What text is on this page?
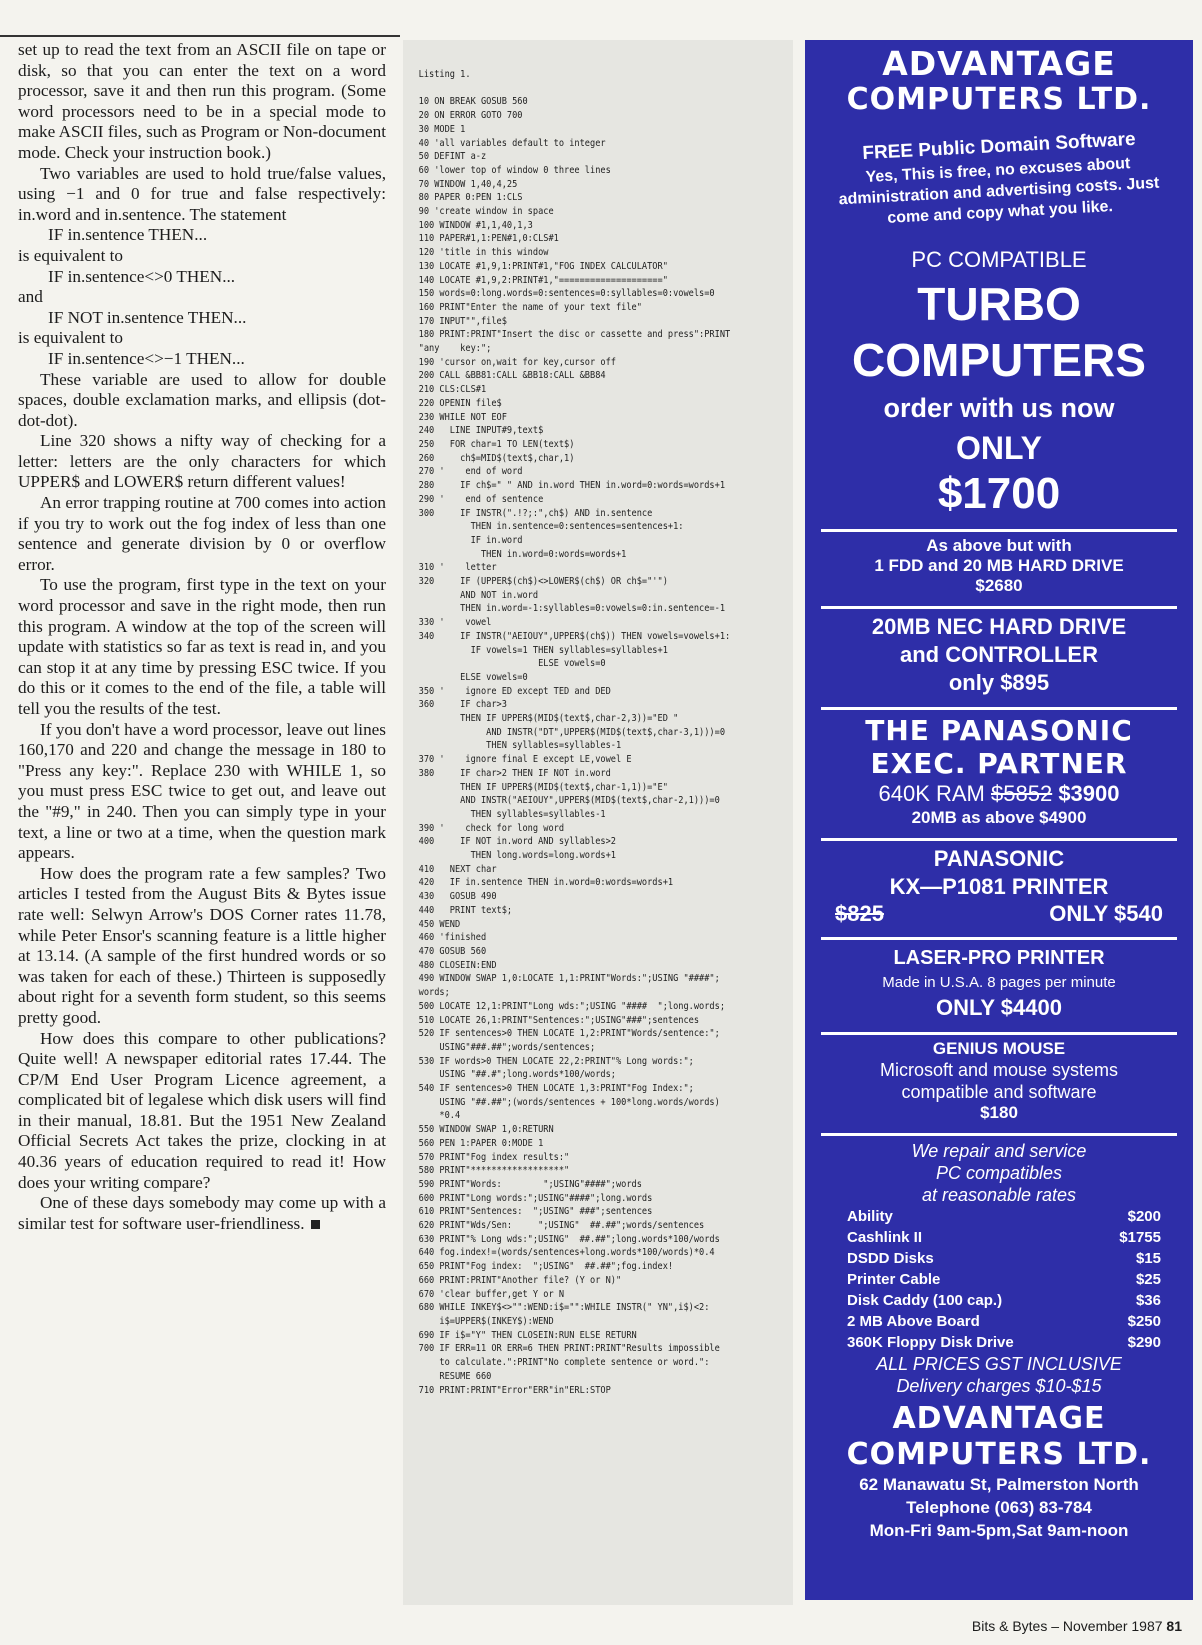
set up to read the text from an ASCII file on tape or disk, so that you can enter the text on a word processor, save it and then run this program. (Some word processors need to be in a special mode to make ASCII files, such as Program or Non-document mode. Check your instruction book.)

Two variables are used to hold true/false values, using −1 and 0 for true and false respectively: in.word and in.sentence. The statement

IF in.sentence THEN...

is equivalent to

IF in.sentence<>0 THEN...

and

IF NOT in.sentence THEN...

is equivalent to

IF in.sentence<>−1 THEN...

These variable are used to allow for double spaces, double exclamation marks, and ellipsis (dot-dot-dot).

Line 320 shows a nifty way of checking for a letter: letters are the only characters for which UPPER$ and LOWER$ return different values!

An error trapping routine at 700 comes into action if you try to work out the fog index of less than one sentence and generate division by 0 or overflow error.

To use the program, first type in the text on your word processor and save in the right mode, then run this program. A window at the top of the screen will update with statistics so far as text is read in, and you can stop it at any time by pressing ESC twice. If you do this or it comes to the end of the file, a table will tell you the results of the test.

If you don't have a word processor, leave out lines 160,170 and 220 and change the message in 180 to "Press any key:". Replace 230 with WHILE 1, so you must press ESC twice to get out, and leave out the "#9," in 240. Then you can simply type in your text, a line or two at a time, when the question mark appears.

How does the program rate a few samples? Two articles I tested from the August Bits & Bytes issue rate well: Selwyn Arrow's DOS Corner rates 11.78, while Peter Ensor's scanning feature is a little higher at 13.14. (A sample of the first hundred words or so was taken for each of these.) Thirteen is supposedly about right for a seventh form student, so this seems pretty good.

How does this compare to other publications? Quite well! A newspaper editorial rates 17.44. The CP/M End User Program Licence agreement, a complicated bit of legalese which disk users will find in their manual, 18.81. But the 1951 New Zealand Official Secrets Act takes the prize, clocking in at 40.36 years of education required to read it! How does your writing compare?

One of these days somebody may come up with a similar test for software user-friendliness.

Listing 1.

10 ON BREAK GOSUB 560
20 ON ERROR GOTO 700
30 MODE 1
40 'all variables default to integer
50 DEFINT a-z
60 'lower top of window 0 three lines
70 WINDOW 1,40,4,25
80 PAPER 0:PEN 1:CLS
90 'create window in space
100 WINDOW #1,1,40,1,3
110 PAPER#1,1:PEN#1,0:CLS#1
120 'title in this window
130 LOCATE #1,9,1:PRINT#1,"FOG INDEX CALCULATOR"
140 LOCATE #1,9,2:PRINT#1,"===================="
150 words=0:long.words=0:sentences=0:syllables=0:vowels=0
160 PRINT"Enter the name of your text file"
170 INPUT"",file$
180 PRINT:PRINT"Insert the disc or cassette and press":PRINT
"any    key:";
190 'cursor on,wait for key,cursor off
200 CALL &BB81:CALL &BB18:CALL &BB84
210 CLS:CLS#1
220 OPENIN file$
230 WHILE NOT EOF
240   LINE INPUT#9,text$
250   FOR char=1 TO LEN(text$)
260     ch$=MID$(text$,char,1)
270 '    end of word
280     IF ch$=" " AND in.word THEN in.word=0:words=words+1
290 '    end of sentence
300     IF INSTR(".!?;:",ch$) AND in.sentence
THEN in.sentence=0:sentences=sentences+1:
IF in.word
THEN in.word=0:words=words+1
310 '    letter
320     IF (UPPER$(ch$)<>LOWER$(ch$) OR ch$="'")
AND NOT in.word
THEN in.word=-1:syllables=0:vowels=0:in.sentence=-1
330 '    vowel
340     IF INSTR("AEIOUY",UPPER$(ch$)) THEN vowels=vowels+1:
IF vowels=1 THEN syllables=syllables+1
ELSE vowels=0
ELSE vowels=0
350 '    ignore ED except TED and DED
360     IF char>3
THEN IF UPPER$(MID$(text$,char-2,3))="ED "
AND INSTR("DT",UPPER$(MID$(text$,char-3,1)))=0
THEN syllables=syllables-1
370 '    ignore final E except LE,vowel E
380     IF char>2 THEN IF NOT in.word
THEN IF UPPER$(MID$(text$,char-1,1))="E"
AND INSTR("AEIOUY",UPPER$(MID$(text$,char-2,1)))=0
THEN syllables=syllables-1
390 '    check for long word
400     IF NOT in.word AND syllables>2
THEN long.words=long.words+1
410   NEXT char
420   IF in.sentence THEN in.word=0:words=words+1
430   GOSUB 490
440   PRINT text$;
450 WEND
460 'finished
470 GOSUB 560
480 CLOSEIN:END
490 WINDOW SWAP 1,0:LOCATE 1,1:PRINT"Words:";USING "####";
words;
500 LOCATE 12,1:PRINT"Long wds:";USING "####  ";long.words;
510 LOCATE 26,1:PRINT"Sentences:";USING"###";sentences
520 IF sentences>0 THEN LOCATE 1,2:PRINT"Words/sentence:";
USING"###.##";words/sentences;
530 IF words>0 THEN LOCATE 22,2:PRINT"% Long words:";
USING "##.#";long.words*100/words;
540 IF sentences>0 THEN LOCATE 1,3:PRINT"Fog Index:";
USING "##.##";(words/sentences + 100*long.words/words)
*0.4
550 WINDOW SWAP 1,0:RETURN
560 PEN 1:PAPER 0:MODE 1
570 PRINT"Fog index results:"
580 PRINT"******************"
590 PRINT"Words:        ";USING"####";words
600 PRINT"Long words:";USING"####";long.words
610 PRINT"Sentences:  ";USING" ###";sentences
620 PRINT"Wds/Sen:     ";USING"  ##.##";words/sentences
630 PRINT"% Long wds:";USING"  ##.##";long.words*100/words
640 fog.index!=(words/sentences+long.words*100/words)*0.4
650 PRINT"Fog index:  ";USING"  ##.##";fog.index!
660 PRINT:PRINT"Another file? (Y or N)"
670 'clear buffer,get Y or N
680 WHILE INKEY$<>"":WEND:i$="":WHILE INSTR(" YN",i$)<2:
i$=UPPER$(INKEY$):WEND
690 IF i$="Y" THEN CLOSEIN:RUN ELSE RETURN
700 IF ERR=11 OR ERR=6 THEN PRINT:PRINT"Results impossible
to calculate.":PRINT"No complete sentence or word.":
RESUME 660
710 PRINT:PRINT"Error"ERR"in"ERL:STOP
ADVANTAGE
COMPUTERS LTD.
FREE Public Domain Software
Yes, This is free, no excuses about administration and advertising costs. Just come and copy what you like.
PC COMPATIBLE
TURBO
COMPUTERS
order with us now
ONLY
$1700
As above but with
1 FDD and 20 MB HARD DRIVE
$2680
20MB NEC HARD DRIVE
and CONTROLLER
only $895
THE PANASONIC
EXEC. PARTNER
640K RAM $5852 $3900
20MB as above $4900
PANASONIC
KX—P1081 PRINTER
$825	ONLY $540
LASER-PRO PRINTER
Made in U.S.A. 8 pages per minute
ONLY $4400
GENIUS MOUSE
Microsoft and mouse systems
compatible and software
$180
We repair and service
PC compatibles
at reasonable rates
Ability	$200
Cashlink II	$1755
DSDD Disks	$15
Printer Cable	$25
Disk Caddy (100 cap.)	$36
2 MB Above Board	$250
360K Floppy Disk Drive	$290
ALL PRICES GST INCLUSIVE
Delivery charges $10-$15
ADVANTAGE
COMPUTERS LTD.
62 Manawatu St, Palmerston North
Telephone (063) 83-784
Mon-Fri 9am-5pm,Sat 9am-noon
Bits & Bytes – November 1987 81
